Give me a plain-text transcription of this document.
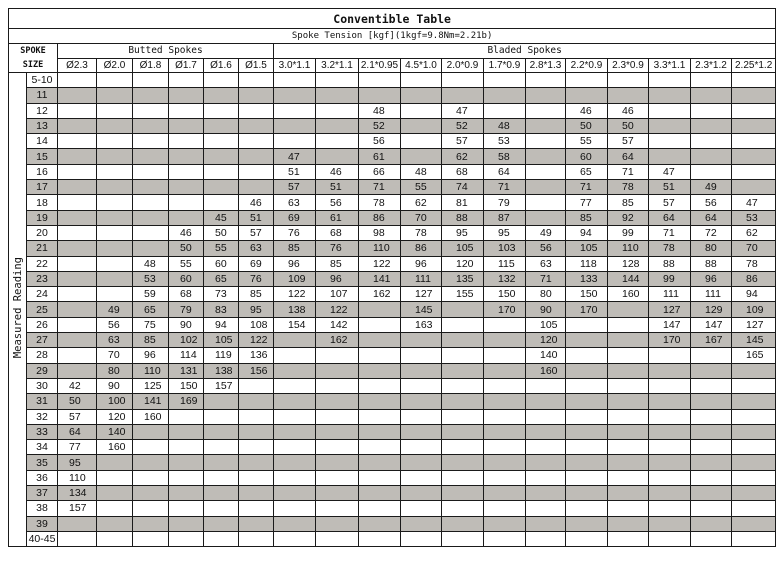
Conventible Table																			
Spoke Tension [kgf](1kgf=9.8Nm=2.21b)																			

SPOKE
SIZE		Butted Spokes						Bladed Spokes											
		Ø2.3	Ø2.0	Ø1.8	Ø1.7	Ø1.6	Ø1.5	3.0*1.1	3.2*1.1	2.1*0.95	4.5*1.0	2.0*0.9	1.7*0.9	2.8*1.3	2.2*0.9	2.3*0.9	3.3*1.1	2.3*1.2	2.25*1.2
Measured Reading	5-10																		
	11																		
	12									48		47			46	46			
	13									52		52	48		50	50			
	14									56		57	53		55	57			
	15							47		61		62	58		60	64			
	16							51	46	66	48	68	64		65	71	47		
	17							57	51	71	55	74	71		71	78	51	49	
	18						46	63	56	78	62	81	79		77	85	57	56	47
	19					45	51	69	61	86	70	88	87		85	92	64	64	53
	20				46	50	57	76	68	98	78	95	95	49	94	99	71	72	62
	21				50	55	63	85	76	110	86	105	103	56	105	110	78	80	70
	22			48	55	60	69	96	85	122	96	120	115	63	118	128	88	88	78
	23			53	60	65	76	109	96	141	111	135	132	71	133	144	99	96	86
	24			59	68	73	85	122	107	162	127	155	150	80	150	160	111	111	94
	25		49	65	79	83	95	138	122		145		170	90	170		127	129	109
	26		56	75	90	94	108	154	142		163			105			147	147	127
	27		63	85	102	105	122		162					120			170	167	145
	28		70	96	114	119	136							140					165
	29		80	110	131	138	156							160					
	30	42	90	125	150	157													
	31	50	100	141	169														
	32	57	120	160															
	33	64	140																
	34	77	160																
	35	95																	
	36	110																	
	37	134																	
	38	157																	
	39																		
	40-45																		
